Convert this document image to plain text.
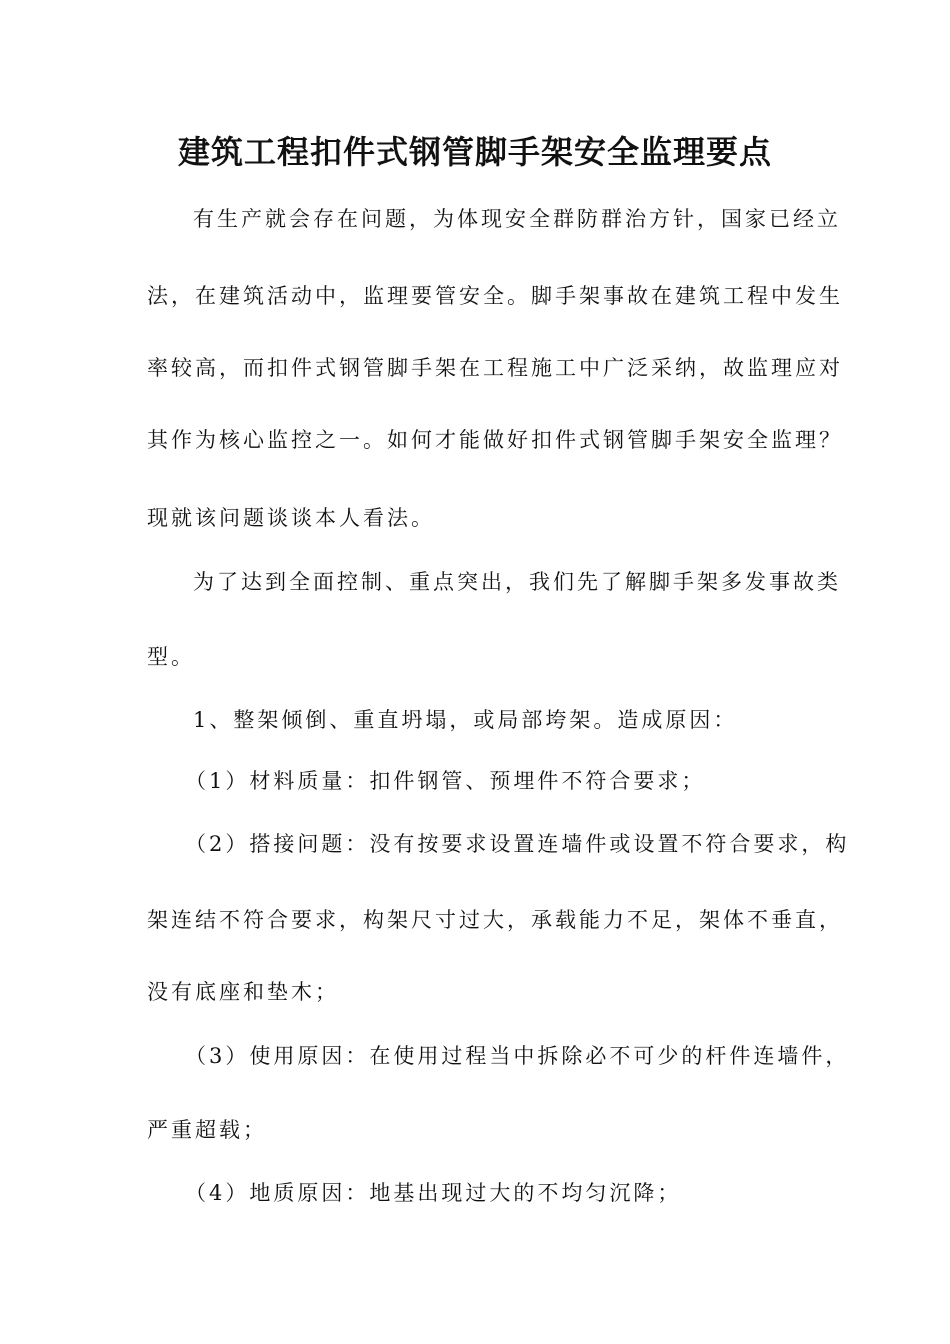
建筑工程扣件式钢管脚手架安全监理要点
有生产就会存在问题，为体现安全群防群治方针，国家已经立
法，在建筑活动中，监理要管安全。脚手架事故在建筑工程中发生
率较高，而扣件式钢管脚手架在工程施工中广泛采纳，故监理应对
其作为核心监控之一。如何才能做好扣件式钢管脚手架安全监理？
现就该问题谈谈本人看法。
为了达到全面控制、重点突出，我们先了解脚手架多发事故类
型。
1、整架倾倒、重直坍塌，或局部垮架。造成原因：
（1）材料质量：扣件钢管、预埋件不符合要求；
（2）搭接问题：没有按要求设置连墙件或设置不符合要求，构
架连结不符合要求，构架尺寸过大，承载能力不足，架体不垂直，
没有底座和垫木；
（3）使用原因：在使用过程当中拆除必不可少的杆件连墙件，
严重超载；
（4）地质原因：地基出现过大的不均匀沉降；
